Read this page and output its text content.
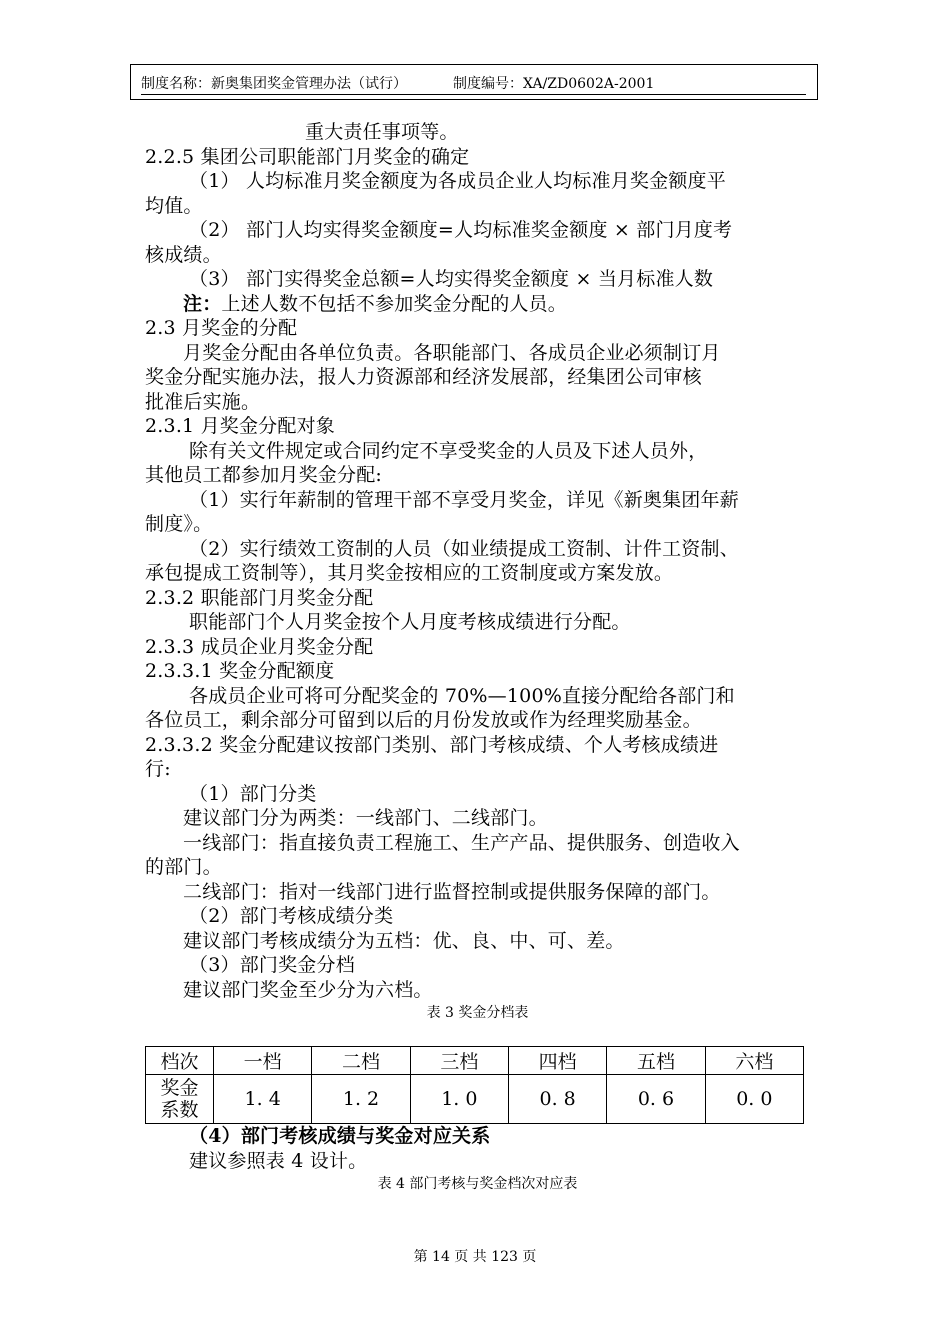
制度名称：新奥集团奖金管理办法（试行）	制度编号：XA/ZD0602A-2001
重大责任事项等。
2.2.5 集团公司职能部门月奖金的确定
（1） 人均标准月奖金额度为各成员企业人均标准月奖金额度平
均值。
（2） 部门人均实得奖金额度=人均标准奖金额度 × 部门月度考
核成绩。
（3） 部门实得奖金总额=人均实得奖金额度 × 当月标准人数
注：上述人数不包括不参加奖金分配的人员。
2.3 月奖金的分配
月奖金分配由各单位负责。各职能部门、各成员企业必须制订月
奖金分配实施办法，报人力资源部和经济发展部，经集团公司审核
批准后实施。
2.3.1 月奖金分配对象
除有关文件规定或合同约定不享受奖金的人员及下述人员外，
其他员工都参加月奖金分配:
（1）实行年薪制的管理干部不享受月奖金，详见《新奥集团年薪
制度》。
（2）实行绩效工资制的人员（如业绩提成工资制、计件工资制、
承包提成工资制等），其月奖金按相应的工资制度或方案发放。
2.3.2 职能部门月奖金分配
职能部门个人月奖金按个人月度考核成绩进行分配。
2.3.3 成员企业月奖金分配
2.3.3.1 奖金分配额度
各成员企业可将可分配奖金的 70%—100%直接分配给各部门和
各位员工，剩余部分可留到以后的月份发放或作为经理奖励基金。
2.3.3.2 奖金分配建议按部门类别、部门考核成绩、个人考核成绩进
行:
（1）部门分类
建议部门分为两类：一线部门、二线部门。
一线部门：指直接负责工程施工、生产产品、提供服务、创造收入
的部门。
二线部门：指对一线部门进行监督控制或提供服务保障的部门。
（2）部门考核成绩分类
建议部门考核成绩分为五档：优、良、中、可、差。
（3）部门奖金分档
建议部门奖金至少分为六档。
表 3 奖金分档表
档次	一档	二档	三档	四档	五档	六档
奖金
系数	1. 4	1. 2	1. 0	0. 8	0. 6	0. 0
（4）部门考核成绩与奖金对应关系
建议参照表 4 设计。
表 4 部门考核与奖金档次对应表
第 14 页 共 123 页
